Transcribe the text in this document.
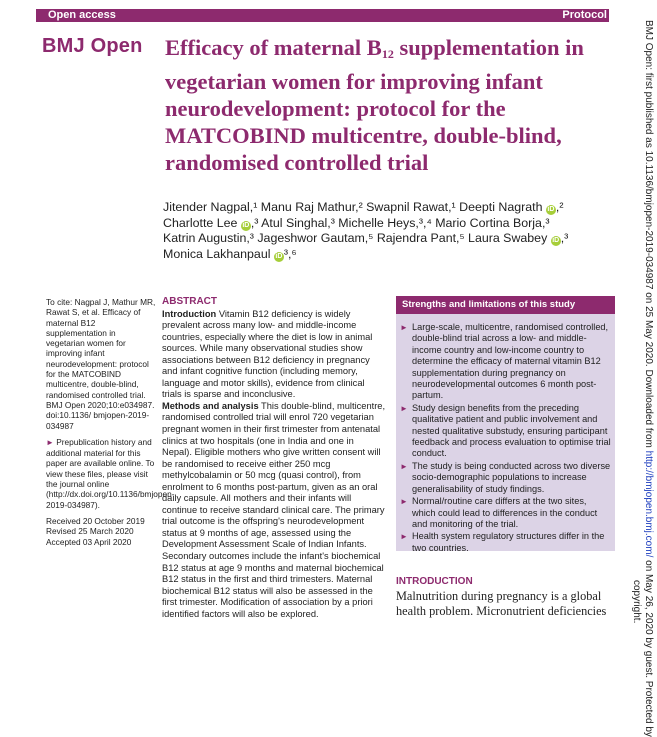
Open access	Protocol
BMJ Open Efficacy of maternal $B_{12}$ supplementation in vegetarian women for improving infant neurodevelopment: protocol for the MATCOBIND multicentre, double-blind, randomised controlled trial
Jitender Nagpal,¹ Manu Raj Mathur,² Swapnil Rawat,¹ Deepti Nagrath iD ,²
Charlotte Lee iD ,³ Atul Singhal,³ Michelle Heys,³,⁴ Mario Cortina Borja,³
Katrin Augustin,³ Jageshwor Gautam,⁵ Rajendra Pant,⁵ Laura Swabey iD ,³
Monica Lakhanpaul iD ³,⁶

To cite: Nagpal J, Mathur MR, Rawat S, et al. Efficacy of maternal B12 supplementation in vegetarian women for improving infant neurodevelopment: protocol for the MATCOBIND multicentre, double-blind, randomised controlled trial. BMJ Open 2020;10:e034987. doi:10.1136/ bmjopen-2019-034987

► Prepublication history and additional material for this paper are available online. To view these files, please visit the journal online (http://dx.doi.org/10.1136/bmjopen-2019-034987).

Received 20 October 2019
Revised 25 March 2020
Accepted 03 April 2020
ABSTRACT

Introduction Vitamin B12 deficiency is widely prevalent across many low- and middle-income countries, especially where the diet is low in animal sources. While many observational studies show associations between B12 deficiency in pregnancy and infant cognitive function (including memory, language and motor skills), evidence from clinical trials is sparse and inconclusive.

Methods and analysis This double-blind, multicentre, randomised controlled trial will enrol 720 vegetarian pregnant women in their first trimester from antenatal clinics at two hospitals (one in India and one in Nepal). Eligible mothers who give written consent will be randomised to receive either 250 mcg methylcobalamin or 50 mcg (quasi control), from enrolment to 6 months post-partum, given as an oral daily capsule. All mothers and their infants will continue to receive standard clinical care. The primary trial outcome is the offspring's neurodevelopment status at 9 months of age, assessed using the Development Assessment Scale of Indian Infants. Secondary outcomes include the infant's biochemical B12 status at age 9 months and maternal biochemical B12 status in the first and third trimesters. Maternal biochemical B12 status will also be assessed in the first trimester. Modification of association by a priori identified factors will also be explored.

Strengths and limitations of this study
► Large-scale, multicentre, randomised controlled, double-blind trial across a low- and middle-income country and low-income country to determine the efficacy of maternal vitamin B12 supplementation during pregnancy on neurodevelopmental outcomes 6 month post-partum.
► Study design benefits from the preceding qualitative patient and public involvement and nested qualitative substudy, ensuring participant feedback and process evaluation to optimise trial conduct.
► The study is being conducted across two diverse socio-demographic populations to increase generalisability of study findings.
► Normal/routine care differs at the two sites, which could lead to differences in the conduct and monitoring of the trial.
► Health system regulatory structures differ in the two countries.
INTRODUCTION
Malnutrition during pregnancy is a global health problem. Micronutrient deficiencies
BMJ Open: first published as 10.1136/bmjopen-2019-034987 on 25 May 2020. Downloaded from http://bmjopen.bmj.com/ on May 26, 2020 by guest. Protected by
copyright.
